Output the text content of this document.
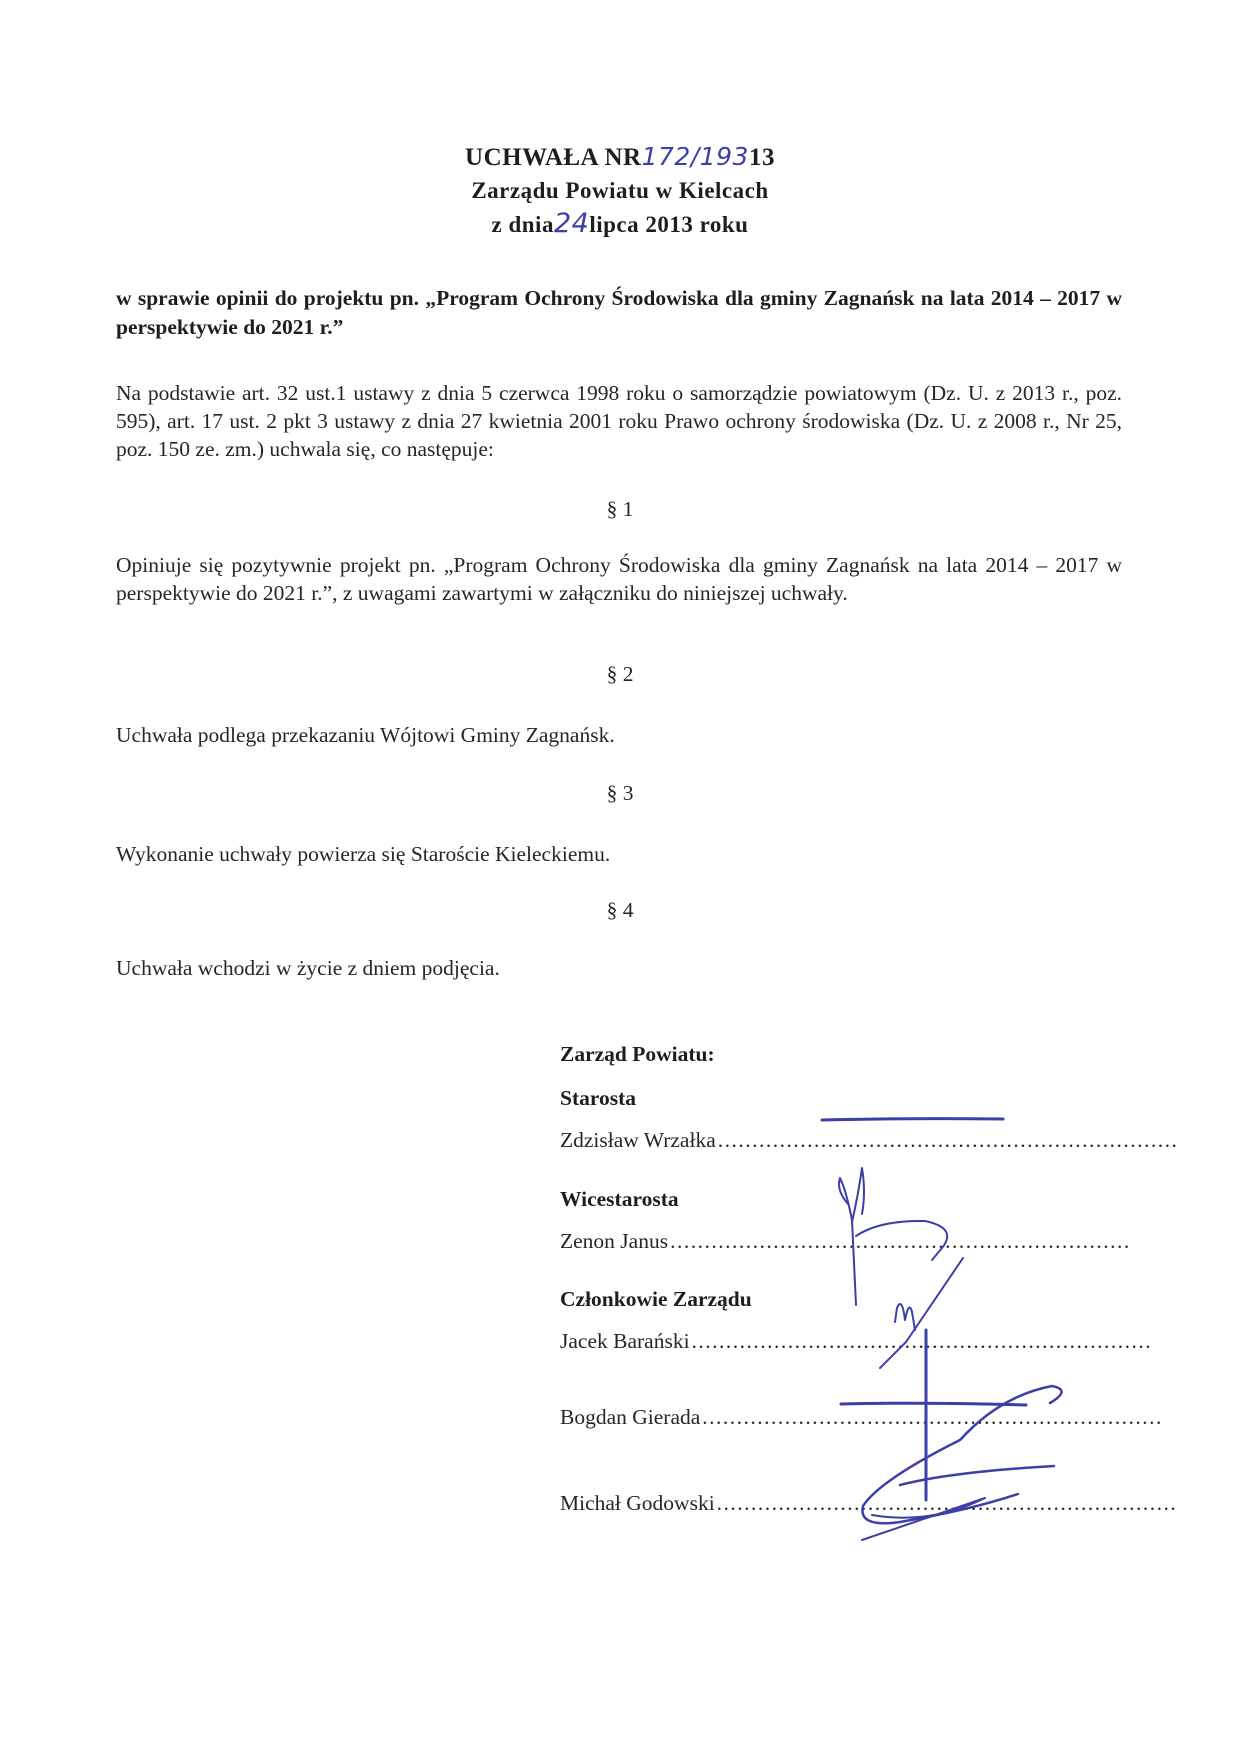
UCHWAŁA NR172/19313
Zarządu Powiatu w Kielcach
z dnia24lipca 2013 roku
w sprawie opinii do projektu pn. „Program Ochrony Środowiska dla gminy Zagnańsk na lata 2014 – 2017 w perspektywie do 2021 r.”
Na podstawie art. 32 ust.1 ustawy z dnia 5 czerwca 1998 roku o samorządzie powiatowym (Dz. U. z 2013 r., poz. 595), art. 17 ust. 2 pkt 3 ustawy z dnia 27 kwietnia 2001 roku Prawo ochrony środowiska (Dz. U. z 2008 r., Nr 25, poz. 150 ze. zm.) uchwala się, co następuje:
§ 1
Opiniuje się pozytywnie projekt pn. „Program Ochrony Środowiska dla gminy Zagnańsk na lata 2014 – 2017 w perspektywie do 2021 r.”, z uwagami zawartymi w załączniku do niniejszej uchwały.
§ 2
Uchwała podlega przekazaniu Wójtowi Gminy Zagnańsk.
§ 3
Wykonanie uchwały powierza się Staroście Kieleckiemu.
§ 4
Uchwała wchodzi w życie z dniem podjęcia.
Zarząd Powiatu:
Starosta
Zdzisław Wrzałka ...................................................................
Wicestarosta
Zenon Janus ...................................................................
Członkowie Zarządu
Jacek Barański ...................................................................
Bogdan Gierada ...................................................................
Michał Godowski ...................................................................
